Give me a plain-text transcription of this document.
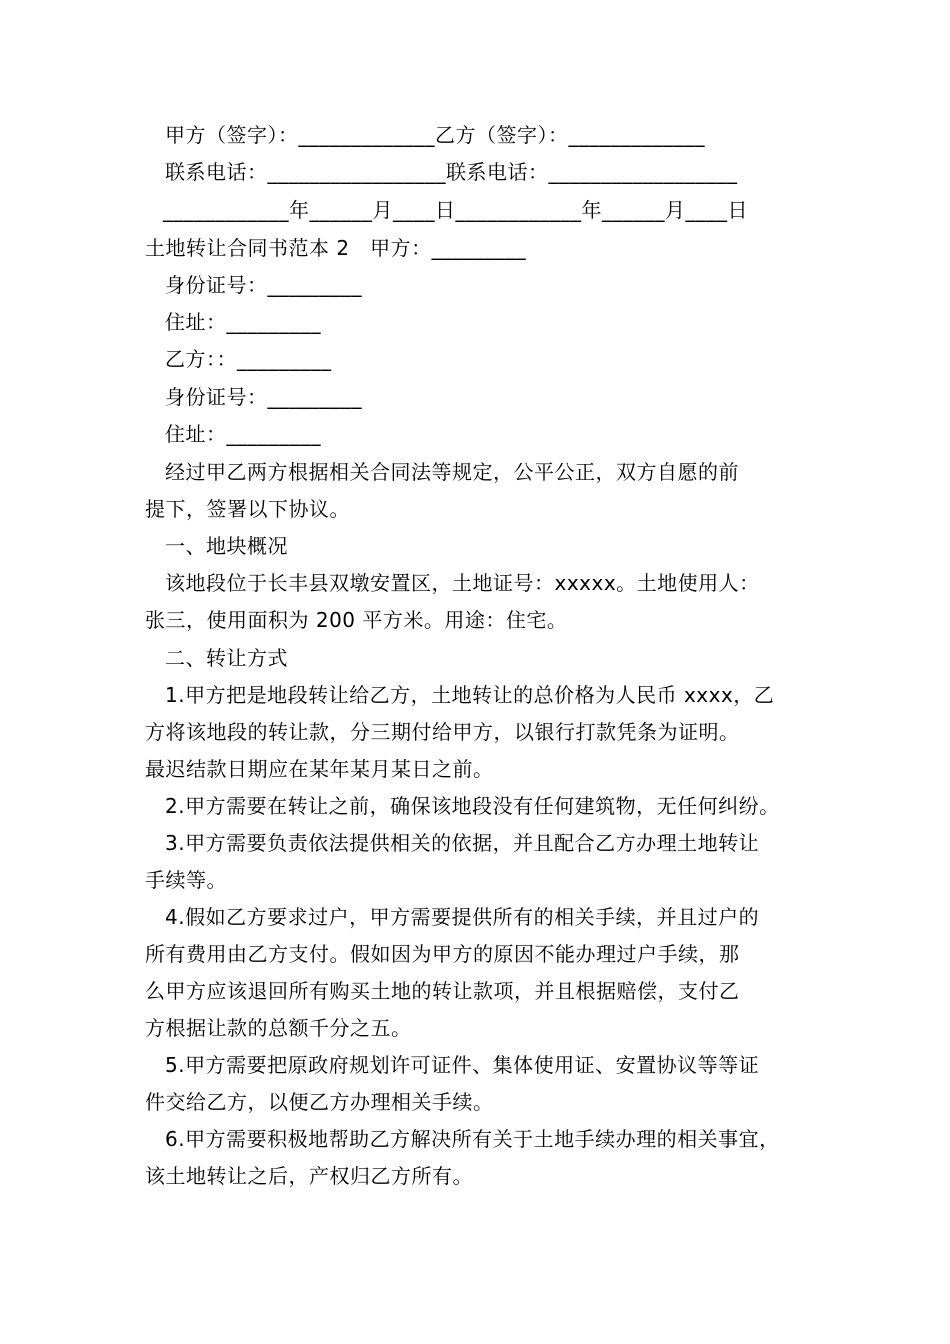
甲方（签字）：_____________乙方（签字）：_____________
联系电话：_________________联系电话：__________________
____________年______月____日____________年______月____日
土地转让合同书范本 2　甲方：_________
身份证号：_________
住址：_________
乙方：：_________
身份证号：_________
住址：_________
经过甲乙两方根据相关合同法等规定，公平公正，双方自愿的前
提下，签署以下协议。
一、地块概况
该地段位于长丰县双墩安置区，土地证号：xxxxx。土地使用人：
张三，使用面积为 200 平方米。用途：住宅。
二、转让方式
1.甲方把是地段转让给乙方，土地转让的总价格为人民币 xxxx，乙
方将该地段的转让款，分三期付给甲方，以银行打款凭条为证明。
最迟结款日期应在某年某月某日之前。
2.甲方需要在转让之前，确保该地段没有任何建筑物，无任何纠纷。
3.甲方需要负责依法提供相关的依据，并且配合乙方办理土地转让
手续等。
4.假如乙方要求过户，甲方需要提供所有的相关手续，并且过户的
所有费用由乙方支付。假如因为甲方的原因不能办理过户手续，那
么甲方应该退回所有购买土地的转让款项，并且根据赔偿，支付乙
方根据让款的总额千分之五。
5.甲方需要把原政府规划许可证件、集体使用证、安置协议等等证
件交给乙方，以便乙方办理相关手续。
6.甲方需要积极地帮助乙方解决所有关于土地手续办理的相关事宜，
该土地转让之后，产权归乙方所有。
